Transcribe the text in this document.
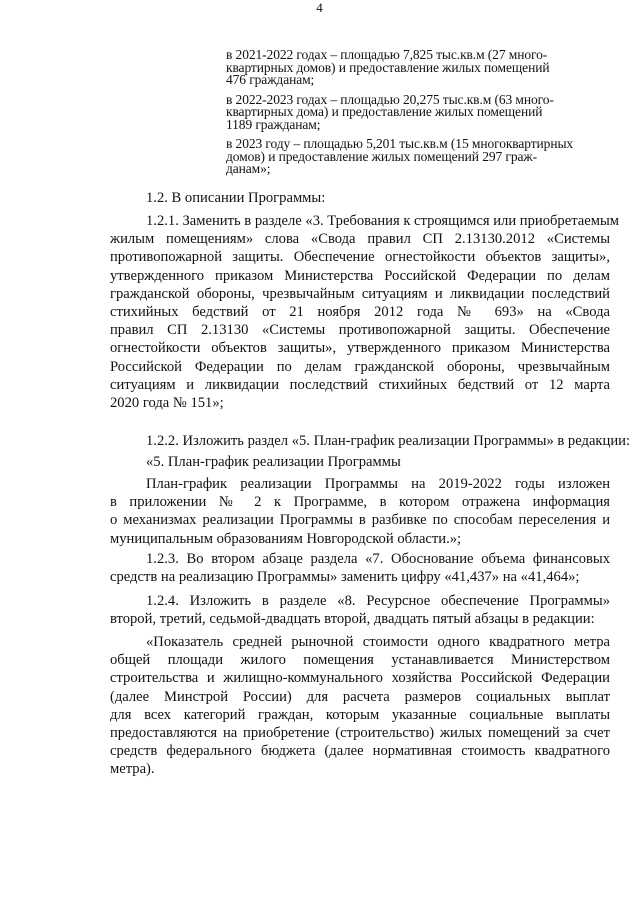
4
в 2021-2022 годах – площадью 7,825 тыс.кв.м (27 много-
квартирных домов) и предоставление жилых помещений
476 гражданам;
в 2022-2023 годах – площадью 20,275 тыс.кв.м (63 много-
квартирных дома) и предоставление жилых помещений
1189 гражданам;
в 2023 году – площадью 5,201 тыс.кв.м (15 многоквартирных
домов) и предоставление жилых помещений 297 граж-
данам»;
1.2. В описании Программы:
1.2.1. Заменить в разделе «3. Требования к строящимся или приобретаемым
жилым помещениям» слова «Свода правил СП 2.13130.2012 «Системы
противопожарной защиты. Обеспечение огнестойкости объектов защиты»,
утвержденного приказом Министерства Российской Федерации по делам
гражданской обороны, чрезвычайным ситуациям и ликвидации последствий
стихийных бедствий от 21 ноября 2012 года № 693» на «Свода
правил СП 2.13130 «Системы противопожарной защиты. Обеспечение
огнестойкости объектов защиты», утвержденного приказом Министерства
Российской Федерации по делам гражданской обороны, чрезвычайным
ситуациям и ликвидации последствий стихийных бедствий от 12 марта
2020 года № 151»;
1.2.2. Изложить раздел «5. План-график реализации Программы» в редакции:
«5. План-график реализации Программы
План-график реализации Программы на 2019-2022 годы изложен
в приложении № 2 к Программе, в котором отражена информация
о механизмах реализации Программы в разбивке по способам переселения и
муниципальным образованиям Новгородской области.»;
1.2.3. Во втором абзаце раздела «7. Обоснование объема финансовых
средств на реализацию Программы» заменить цифру «41,437» на «41,464»;
1.2.4. Изложить в разделе «8. Ресурсное обеспечение Программы»
второй, третий, седьмой-двадцать второй, двадцать пятый абзацы в редакции:
«Показатель средней рыночной стоимости одного квадратного метра
общей площади жилого помещения устанавливается Министерством
строительства и жилищно-коммунального хозяйства Российской Федерации
(далее Минстрой России) для расчета размеров социальных выплат
для всех категорий граждан, которым указанные социальные выплаты
предоставляются на приобретение (строительство) жилых помещений за счет
средств федерального бюджета (далее нормативная стоимость квадратного
метра).
